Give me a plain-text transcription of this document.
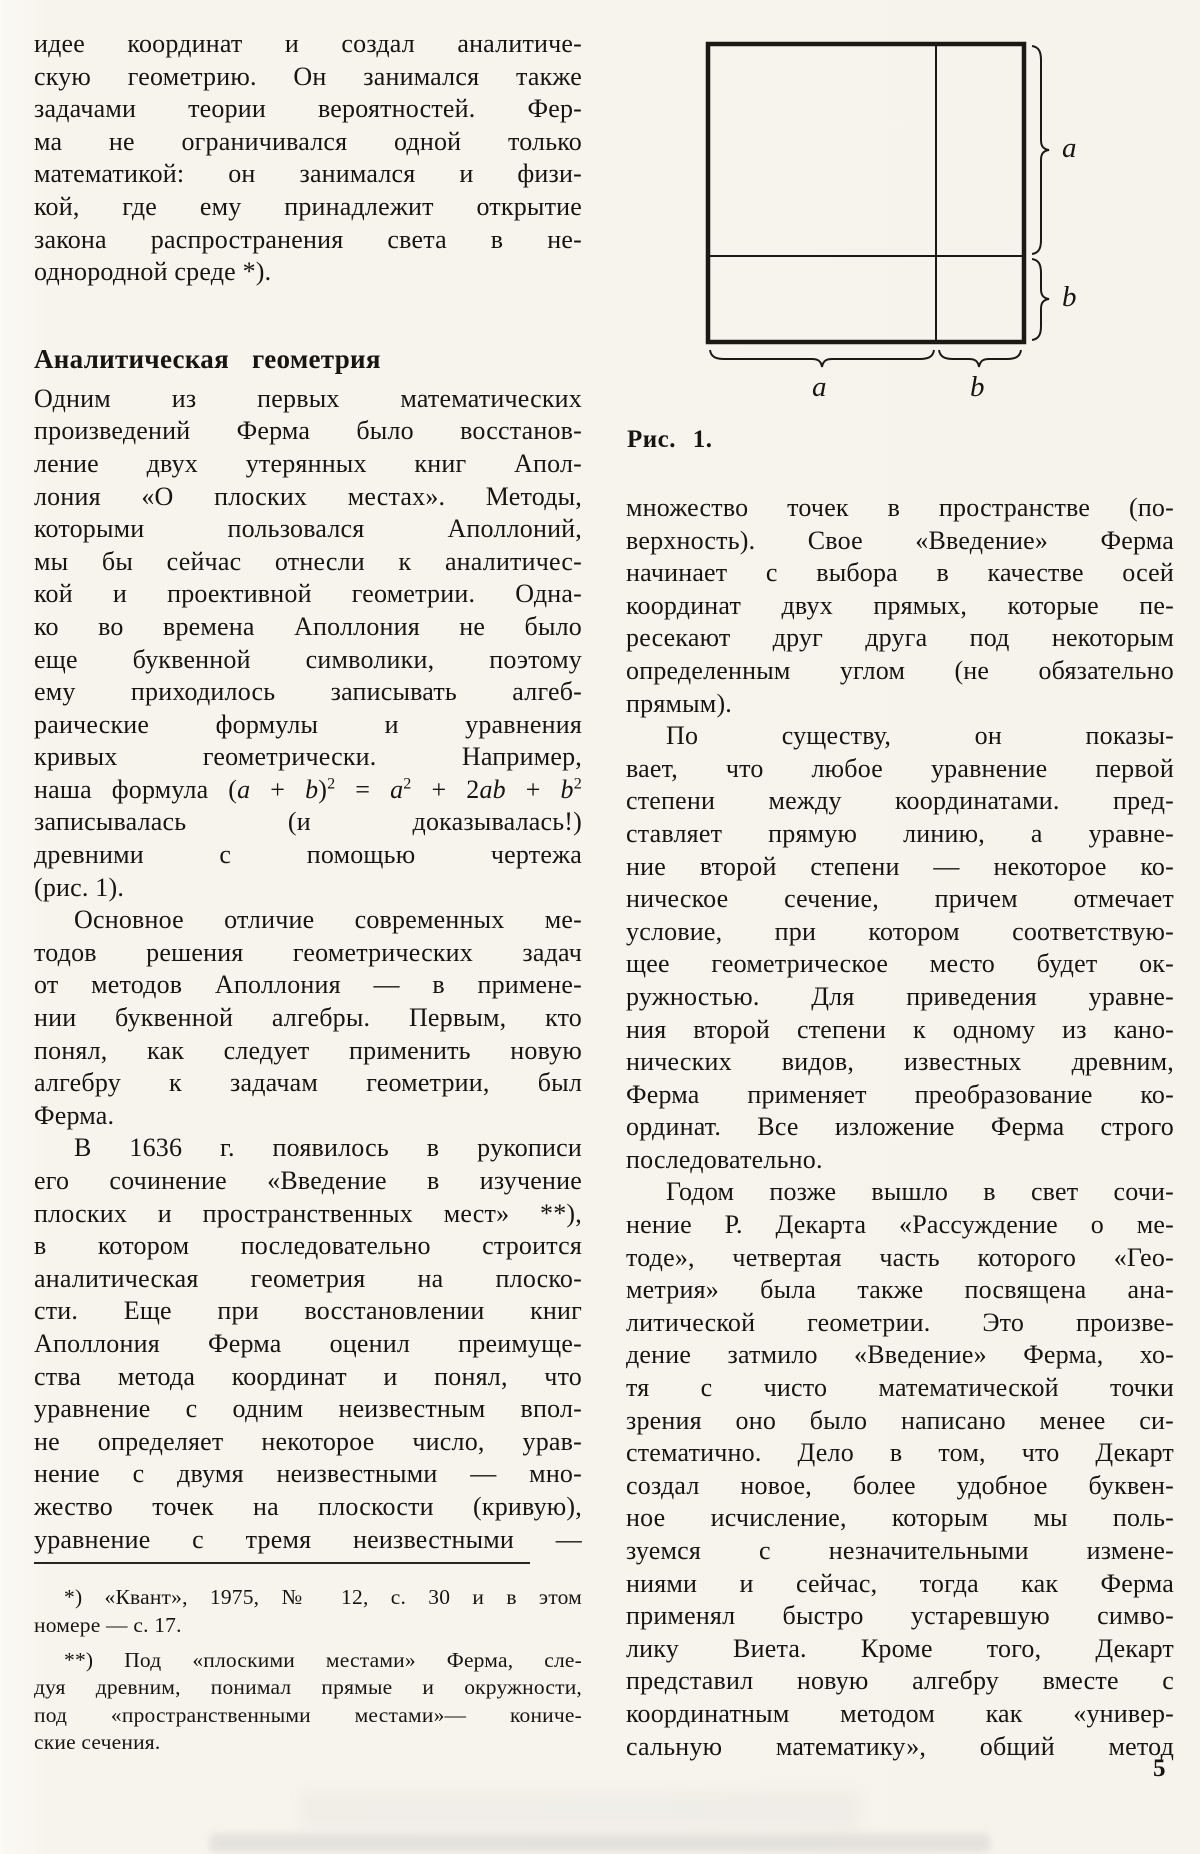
a
b
a	b
Рис. 1.
идее координат и создал аналитиче-
скую геометрию. Он занимался также
задачами теории вероятностей. Фер-
ма не ограничивался одной только
математикой: он занимался и физи-
кой, где ему принадлежит открытие
закона распространения света в не-
однородной среде *).
Аналитическая геометрия
Одним из первых математических
произведений Ферма было восстанов-
ление двух утерянных книг Апол-
лония «О плоских местах». Методы,
которыми пользовался Аполлоний,
мы бы сейчас отнесли к аналитичес-
кой и проективной геометрии. Одна-
ко во времена Аполлония не было
еще буквенной символики, поэтому
ему приходилось записывать алгеб-
раические формулы и уравнения
кривых геометрически. Например,
наша формула $(a + b)^2 = a^2 + 2ab + b^2$
записывалась (и доказывалась!)
древними с помощью чертежа
(рис. 1).
Основное отличие современных ме-
тодов решения геометрических задач
от методов Аполлония — в примене-
нии буквенной алгебры. Первым, кто
понял, как следует применить новую
алгебру к задачам геометрии, был
Ферма.
В 1636 г. появилось в рукописи
его сочинение «Введение в изучение
плоских и пространственных мест» **),
в котором последовательно строится
аналитическая геометрия на плоско-
сти. Еще при восстановлении книг
Аполлония Ферма оценил преимуще-
ства метода координат и понял, что
уравнение с одним неизвестным впол-
не определяет некоторое число, урав-
нение с двумя неизвестными — мно-
жество точек на плоскости (кривую),
уравнение с тремя неизвестными —
*) «Квант», 1975, № 12, с. 30 и в этом
номере — с. 17.
**) Под «плоскими местами» Ферма, сле-
дуя древним, понимал прямые и окружности,
под «пространственными местами»— кониче-
ские сечения.
множество точек в пространстве (по-
верхность). Свое «Введение» Ферма
начинает с выбора в качестве осей
координат двух прямых, которые пе-
ресекают друг друга под некоторым
определенным углом (не обязательно
прямым).
По существу, он показы-
вает, что любое уравнение первой
степени между координатами. пред-
ставляет прямую линию, а уравне-
ние второй степени — некоторое ко-
ническое сечение, причем отмечает
условие, при котором соответствую-
щее геометрическое место будет ок-
ружностью. Для приведения уравне-
ния второй степени к одному из кано-
нических видов, известных древним,
Ферма применяет преобразование ко-
ординат. Все изложение Ферма строго
последовательно.
Годом позже вышло в свет сочи-
нение Р. Декарта «Рассуждение о ме-
тоде», четвертая часть которого «Гео-
метрия» была также посвящена ана-
литической геометрии. Это произве-
дение затмило «Введение» Ферма, хо-
тя с чисто математической точки
зрения оно было написано менее си-
стематично. Дело в том, что Декарт
создал новое, более удобное буквен-
ное исчисление, которым мы поль-
зуемся с незначительными измене-
ниями и сейчас, тогда как Ферма
применял быстро устаревшую симво-
лику Виета. Кроме того, Декарт
представил новую алгебру вместе с
координатным методом как «универ-
сальную математику», общий метод
5
